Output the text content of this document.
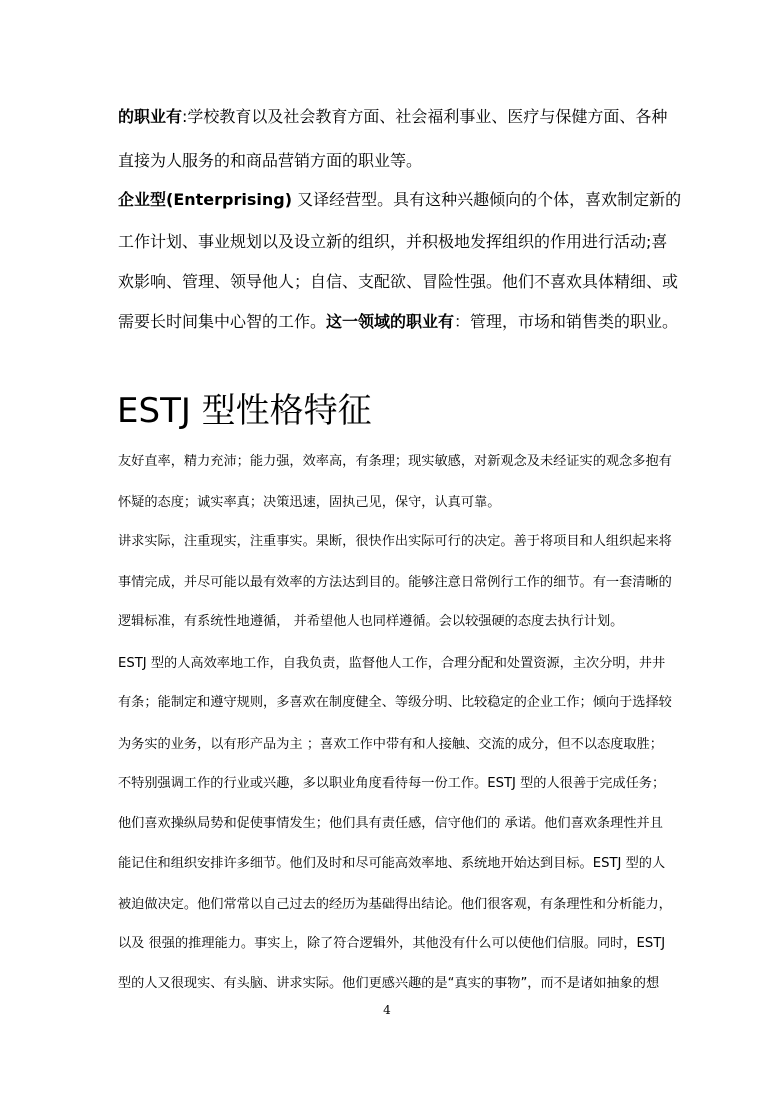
的职业有:学校教育以及社会教育方面、社会福利事业、医疗与保健方面、各种
直接为人服务的和商品营销方面的职业等。
企业型(Enterprising) 又译经营型。具有这种兴趣倾向的个体，喜欢制定新的
工作计划、事业规划以及设立新的组织，并积极地发挥组织的作用进行活动;喜
欢影响、管理、领导他人；自信、支配欲、冒险性强。他们不喜欢具体精细、或
需要长时间集中心智的工作。这一领域的职业有：管理，市场和销售类的职业。
ESTJ 型性格特征
友好直率，精力充沛；能力强，效率高，有条理；现实敏感，对新观念及未经证实的观念多抱有
怀疑的态度；诚实率真；决策迅速，固执己见，保守，认真可靠。
讲求实际，注重现实，注重事实。果断，很快作出实际可行的决定。善于将项目和人组织起来将
事情完成，并尽可能以最有效率的方法达到目的。能够注意日常例行工作的细节。有一套清晰的
逻辑标准，有系统性地遵循， 并希望他人也同样遵循。会以较强硬的态度去执行计划。
ESTJ 型的人高效率地工作，自我负责，监督他人工作，合理分配和处置资源，主次分明，井井
有条；能制定和遵守规则，多喜欢在制度健全、等级分明、比较稳定的企业工作；倾向于选择较
为务实的业务，以有形产品为主 ；喜欢工作中带有和人接触、交流的成分，但不以态度取胜；
不特别强调工作的行业或兴趣，多以职业角度看待每一份工作。ESTJ 型的人很善于完成任务；
他们喜欢操纵局势和促使事情发生；他们具有责任感，信守他们的 承诺。他们喜欢条理性并且
能记住和组织安排许多细节。他们及时和尽可能高效率地、系统地开始达到目标。ESTJ 型的人
被迫做决定。他们常常以自己过去的经历为基础得出结论。他们很客观，有条理性和分析能力，
以及 很强的推理能力。事实上，除了符合逻辑外，其他没有什么可以使他们信服。同时，ESTJ
型的人又很现实、有头脑、讲求实际。他们更感兴趣的是“真实的事物”，而不是诸如抽象的想
4
